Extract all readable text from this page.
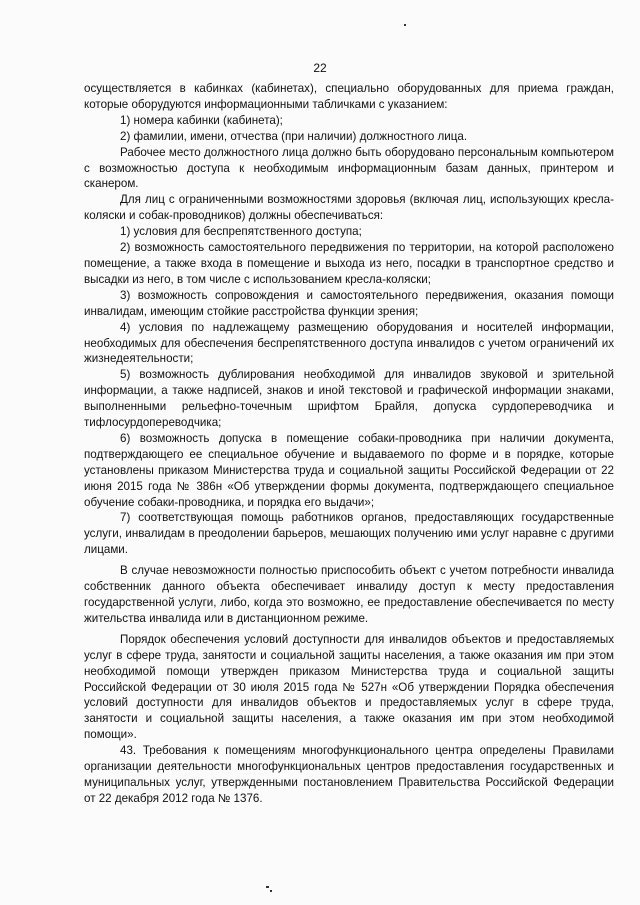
22

осуществляется в кабинках (кабинетах), специально оборудованных для приема граждан, которые оборудуются информационными табличками с указанием:

1) номера кабинки (кабинета);

2) фамилии, имени, отчества (при наличии) должностного лица.

Рабочее место должностного лица должно быть оборудовано персональным компьютером с возможностью доступа к необходимым информационным базам данных, принтером и сканером.

Для лиц с ограниченными возможностями здоровья (включая лиц, использующих кресла-коляски и собак-проводников) должны обеспечиваться:

1) условия для беспрепятственного доступа;

2) возможность самостоятельного передвижения по территории, на которой расположено помещение, а также входа в помещение и выхода из него, посадки в транспортное средство и высадки из него, в том числе с использованием кресла-коляски;

3) возможность сопровождения и самостоятельного передвижения, оказания помощи инвалидам, имеющим стойкие расстройства функции зрения;

4) условия по надлежащему размещению оборудования и носителей информации, необходимых для обеспечения беспрепятственного доступа инвалидов с учетом ограничений их жизнедеятельности;

5) возможность дублирования необходимой для инвалидов звуковой и зрительной информации, а также надписей, знаков и иной текстовой и графической информации знаками, выполненными рельефно-точечным шрифтом Брайля, допуска сурдопереводчика и тифлосурдопереводчика;

6) возможность допуска в помещение собаки-проводника при наличии документа, подтверждающего ее специальное обучение и выдаваемого по форме и в порядке, которые установлены приказом Министерства труда и социальной защиты Российской Федерации от 22 июня 2015 года № 386н «Об утверждении формы документа, подтверждающего специальное обучение собаки-проводника, и порядка его выдачи»;

7) соответствующая помощь работников органов, предоставляющих государственные услуги, инвалидам в преодолении барьеров, мешающих получению ими услуг наравне с другими лицами.

В случае невозможности полностью приспособить объект с учетом потребности инвалида собственник данного объекта обеспечивает инвалиду доступ к месту предоставления государственной услуги, либо, когда это возможно, ее предоставление обеспечивается по месту жительства инвалида или в дистанционном режиме.

Порядок обеспечения условий доступности для инвалидов объектов и предоставляемых услуг в сфере труда, занятости и социальной защиты населения, а также оказания им при этом необходимой помощи утвержден приказом Министерства труда и социальной защиты Российской Федерации от 30 июля 2015 года № 527н «Об утверждении Порядка обеспечения условий доступности для инвалидов объектов и предоставляемых услуг в сфере труда, занятости и социальной защиты населения, а также оказания им при этом необходимой помощи».

43. Требования к помещениям многофункционального центра определены Правилами организации деятельности многофункциональных центров предоставления государственных и муниципальных услуг, утвержденными постановлением Правительства Российской Федерации от 22 декабря 2012 года № 1376.
